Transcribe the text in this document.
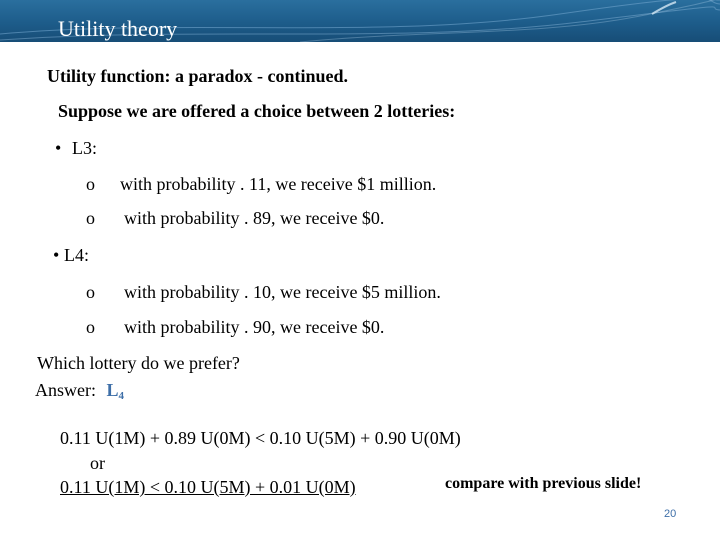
Utility theory
Utility function: a paradox - continued.
Suppose we are offered a choice between 2 lotteries:
• L3:
o with probability . 11, we receive $1 million.
o with probability . 89, we receive $0.
• L4:
o with probability . 10, we receive $5 million.
o with probability . 90, we receive $0.
Which lottery do we prefer?
Answer: $L_4$
0.11 U(1M) + 0.89 U(0M) < 0.10 U(5M) + 0.90 U(0M)
or
0.11 U(1M) < 0.10 U(5M) + 0.01 U(0M)	compare with previous slide!
20
